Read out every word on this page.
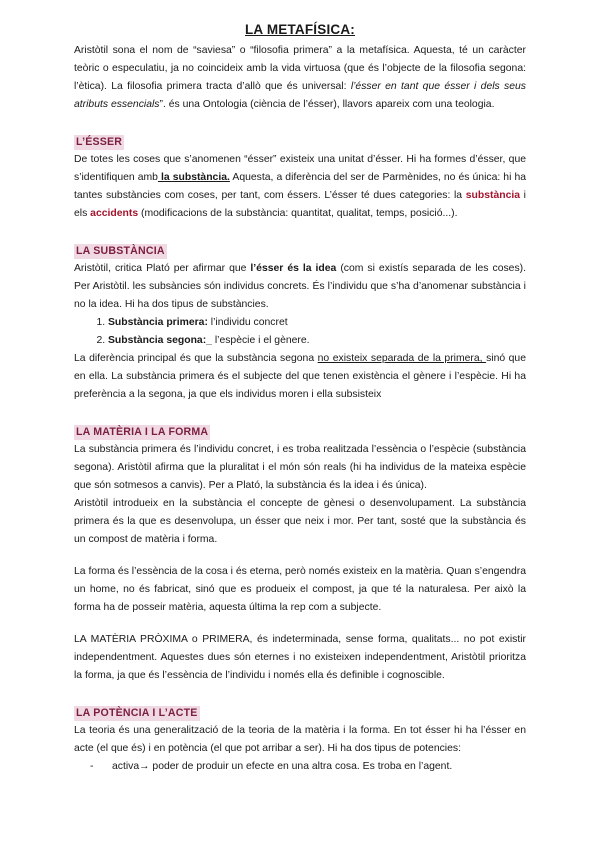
LA METAFÍSICA:

Aristòtil sona el nom de “saviesa” o “filosofia primera” a la metafísica. Aquesta, té un caràcter teòric o especulatiu, ja no coincideix amb la vida virtuosa (que és l’objecte de la filosofia segona: l’ètica). La filosofia primera tracta d’allò que és universal: l’ésser en tant que ésser i dels seus atributs essencials”. és una Ontologia (ciència de l’ésser), llavors apareix com una teologia.

L’ÉSSER

De totes les coses que s’anomenen “ésser” existeix una unitat d’ésser. Hi ha formes d’ésser, que s’identifiquen amb la substància. Aquesta, a diferència del ser de Parmènides, no és única: hi ha tantes substàncies com coses, per tant, com éssers. L’ésser té dues categories: la substància i els accidents (modificacions de la substància: quantitat, qualitat, temps, posició...).

LA SUBSTÀNCIA

Aristòtil, critica Plató per afirmar que l’ésser és la idea (com si existís separada de les coses). Per Aristòtil. les subsàncies són individus concrets. És l’individu que s’ha d’anomenar substància i no la idea. Hi ha dos tipus de substàncies.

1. Substància primera: l’individu concret
2. Substància segona:_ l’espècie i el gènere.

La diferència principal és que la substància segona no existeix separada de la primera, sinó que en ella. La substància primera és el subjecte del que tenen existència el gènere i l’espècie. Hi ha preferència a la segona, ja que els individus moren i ella subsisteix

LA MATÈRIA I LA FORMA

La substància primera és l’individu concret, i es troba realitzada l’essència o l’espècie (substància segona). Aristòtil afirma que la pluralitat i el món són reals (hi ha individus de la mateixa espècie que són sotmesos a canvis). Per a Plató, la substància és la idea i és única).

Aristòtil introdueix en la substància el concepte de gènesi o desenvolupament. La substància primera és la que es desenvolupa, un ésser que neix i mor. Per tant, sosté que la substància és un compost de matèria i forma.

La forma és l’essència de la cosa i és eterna, però només existeix en la matèria. Quan s’engendra un home, no és fabricat, sinó que es produeix el compost, ja que té la naturalesa. Per això la forma ha de posseir matèria, aquesta última la rep com a subjecte.

LA MATÈRIA PRÒXIMA o PRIMERA, és indeterminada, sense forma, qualitats... no pot existir independentment. Aquestes dues són eternes i no existeixen independentment, Aristòtil prioritza la forma, ja que és l’essència de l’individu i només ella és definible i cognoscible.

LA POTÈNCIA I L’ACTE

La teoria és una generalització de la teoria de la matèria i la forma. En tot ésser hi ha l’ésser en acte (el que és) i en potència (el que pot arribar a ser). Hi ha dos tipus de potencies:

- activa→ poder de produir un efecte en una altra cosa. Es troba en l’agent.
